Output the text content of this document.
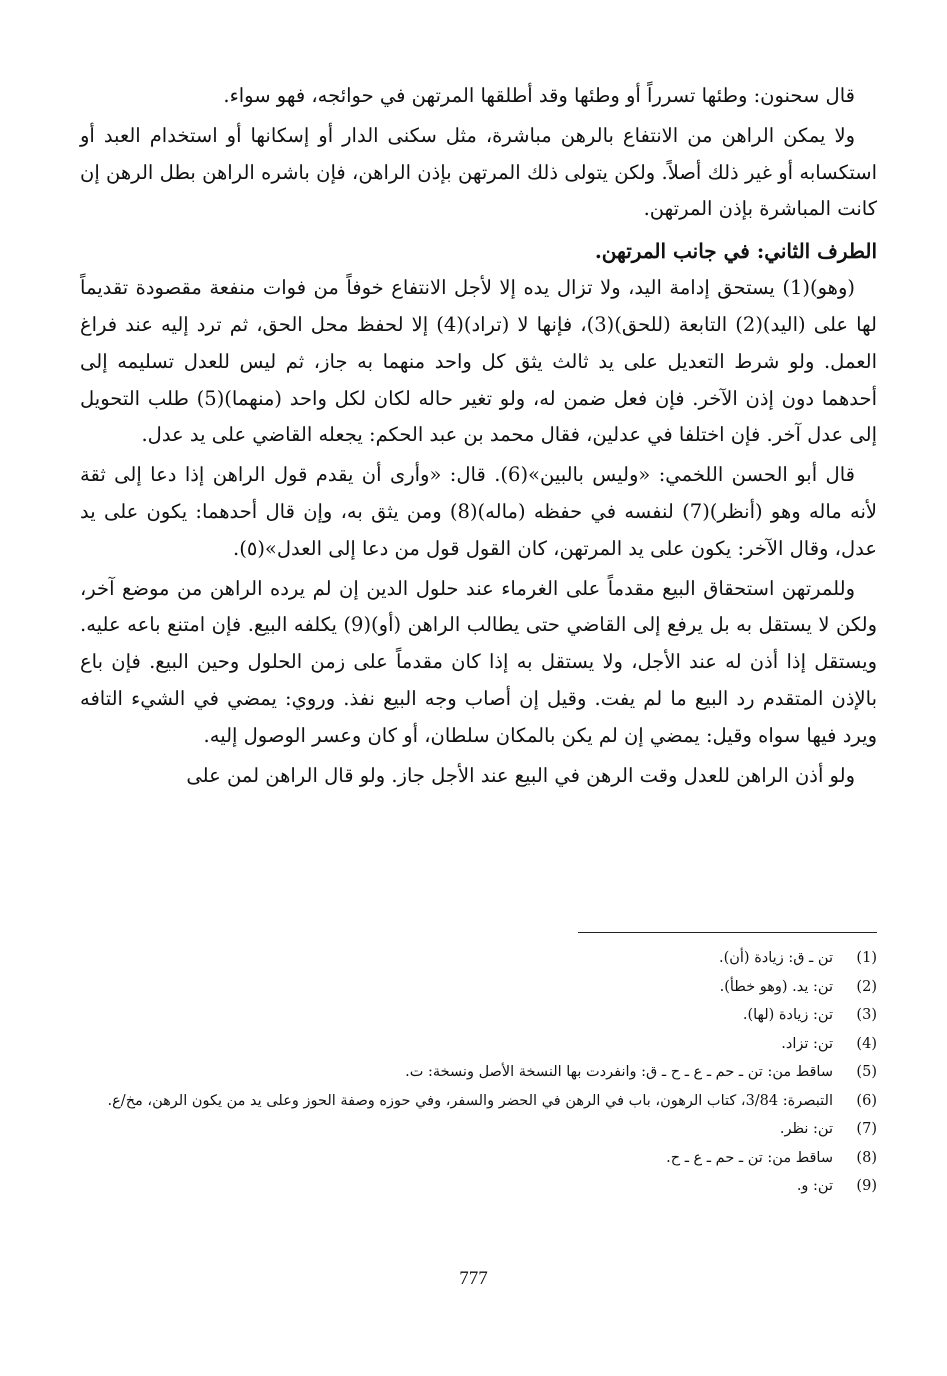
قال سحنون: وطئها تسرراً أو وطئها وقد أطلقها المرتهن في حوائجه، فهو سواء.

ولا يمكن الراهن من الانتفاع بالرهن مباشرة، مثل سكنى الدار أو إسكانها أو استخدام العبد أو استكسابه أو غير ذلك أصلاً. ولكن يتولى ذلك المرتهن بإذن الراهن، فإن باشره الراهن بطل الرهن إن كانت المباشرة بإذن المرتهن.

الطرف الثاني: في جانب المرتهن.

(وهو)(1) يستحق إدامة اليد، ولا تزال يده إلا لأجل الانتفاع خوفاً من فوات منفعة مقصودة تقديماً لها على (اليد)(2) التابعة (للحق)(3)، فإنها لا (تراد)(4) إلا لحفظ محل الحق، ثم ترد إليه عند فراغ العمل. ولو شرط التعديل على يد ثالث يثق كل واحد منهما به جاز، ثم ليس للعدل تسليمه إلى أحدهما دون إذن الآخر. فإن فعل ضمن له، ولو تغير حاله لكان لكل واحد (منهما)(5) طلب التحويل إلى عدل آخر. فإن اختلفا في عدلين، فقال محمد بن عبد الحكم: يجعله القاضي على يد عدل.

قال أبو الحسن اللخمي: «وليس بالبين»(6). قال: «وأرى أن يقدم قول الراهن إذا دعا إلى ثقة لأنه ماله وهو (أنظر)(7) لنفسه في حفظه (ماله)(8) ومن يثق به، وإن قال أحدهما: يكون على يد عدل، وقال الآخر: يكون على يد المرتهن، كان القول قول من دعا إلى العدل»(٥).

وللمرتهن استحقاق البيع مقدماً على الغرماء عند حلول الدين إن لم يرده الراهن من موضع آخر، ولكن لا يستقل به بل يرفع إلى القاضي حتى يطالب الراهن (أو)(9) يكلفه البيع. فإن امتنع باعه عليه. ويستقل إذا أذن له عند الأجل، ولا يستقل به إذا كان مقدماً على زمن الحلول وحين البيع. فإن باع بالإذن المتقدم رد البيع ما لم يفت. وقيل إن أصاب وجه البيع نفذ. وروي: يمضي في الشيء التافه ويرد فيها سواه وقيل: يمضي إن لم يكن بالمكان سلطان، أو كان وعسر الوصول إليه.

ولو أذن الراهن للعدل وقت الرهن في البيع عند الأجل جاز. ولو قال الراهن لمن على

(1)
تن ـ ق: زيادة (أن).
(2)
تن: يد. (وهو خطأ).
(3)
تن: زيادة (لها).
(4)
تن: تزاد.
(5)
ساقط من: تن ـ حم ـ ع ـ ح ـ ق: وانفردت بها النسخة الأصل ونسخة: ت.
(6)
التبصرة: 3/84، كتاب الرهون، باب في الرهن في الحضر والسفر، وفي حوزه وصفة الحوز وعلى يد من يكون الرهن، مخ/ع.
(7)
تن: نظر.
(8)
ساقط من: تن ـ حم ـ ع ـ ح.
(9)
تن: و.
777
